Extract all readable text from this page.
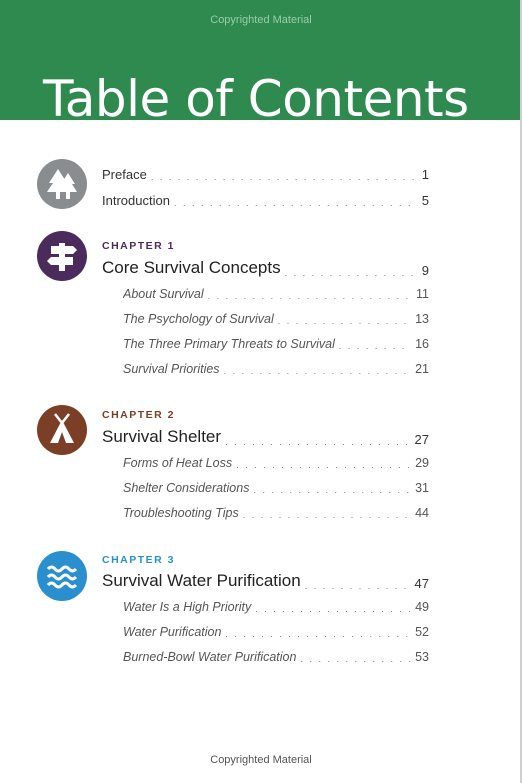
Copyrighted Material
Table of Contents
Preface . . .	1
Introduction . . .	5
CHAPTER 1
Core Survival Concepts . . .	9
About Survival . . .	11
The Psychology of Survival . . .	13
The Three Primary Threats to Survival . . .	16
Survival Priorities . . .	21
CHAPTER 2
Survival Shelter . . .	27
Forms of Heat Loss . . .	29
Shelter Considerations . . .	31
Troubleshooting Tips . . .	44
CHAPTER 3
Survival Water Purification . . .	47
Water Is a High Priority . . .	49
Water Purification . . .	52
Burned-Bowl Water Purification . . .	53
Copyrighted Material
